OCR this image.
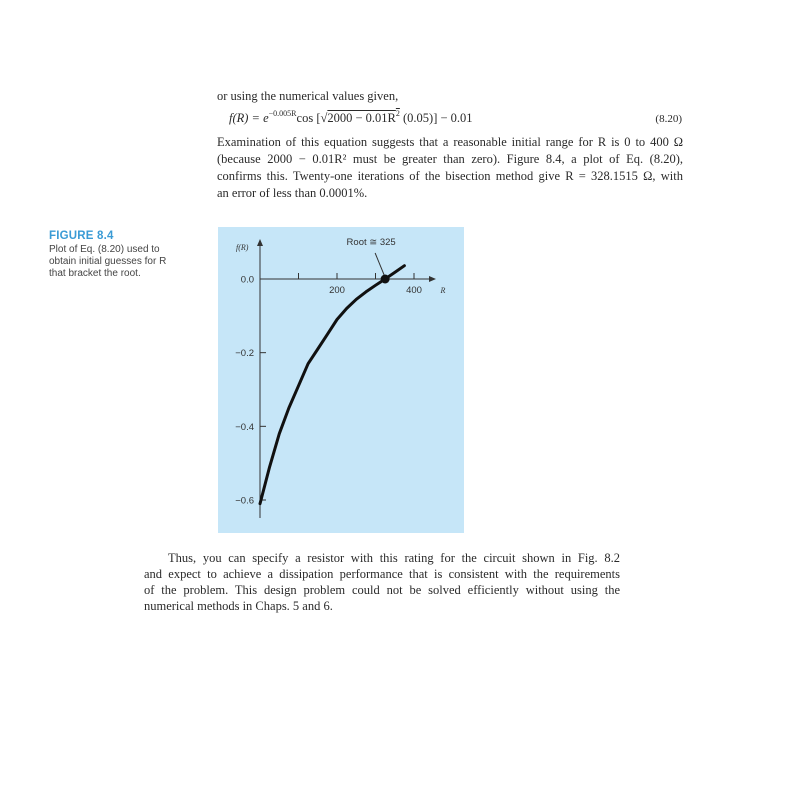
or using the numerical values given,
$f(R) = e^{-0.005R}\cos$ [$√2000 - 0.01R^2$ (0.05)] − 0.01	(8.20)
Examination of this equation suggests that a reasonable initial range for R is 0 to 400 Ω
(because 2000 − 0.01R² must be greater than zero). Figure 8.4, a plot of Eq. (8.20),
confirms this. Twenty-one iterations of the bisection method give R = 328.1515 Ω, with
an error of less than 0.0001%.
FIGURE 8.4
Plot of Eq. (8.20) used to
obtain initial guesses for R
that bracket the root.
f(R)
R
200	400
0.0
−0.2
−0.4
−0.6
Root ≅ 325
Thus, you can specify a resistor with this rating for the circuit shown in Fig. 8.2
and expect to achieve a dissipation performance that is consistent with the requirements
of the problem. This design problem could not be solved efficiently without using the
numerical methods in Chaps. 5 and 6.
